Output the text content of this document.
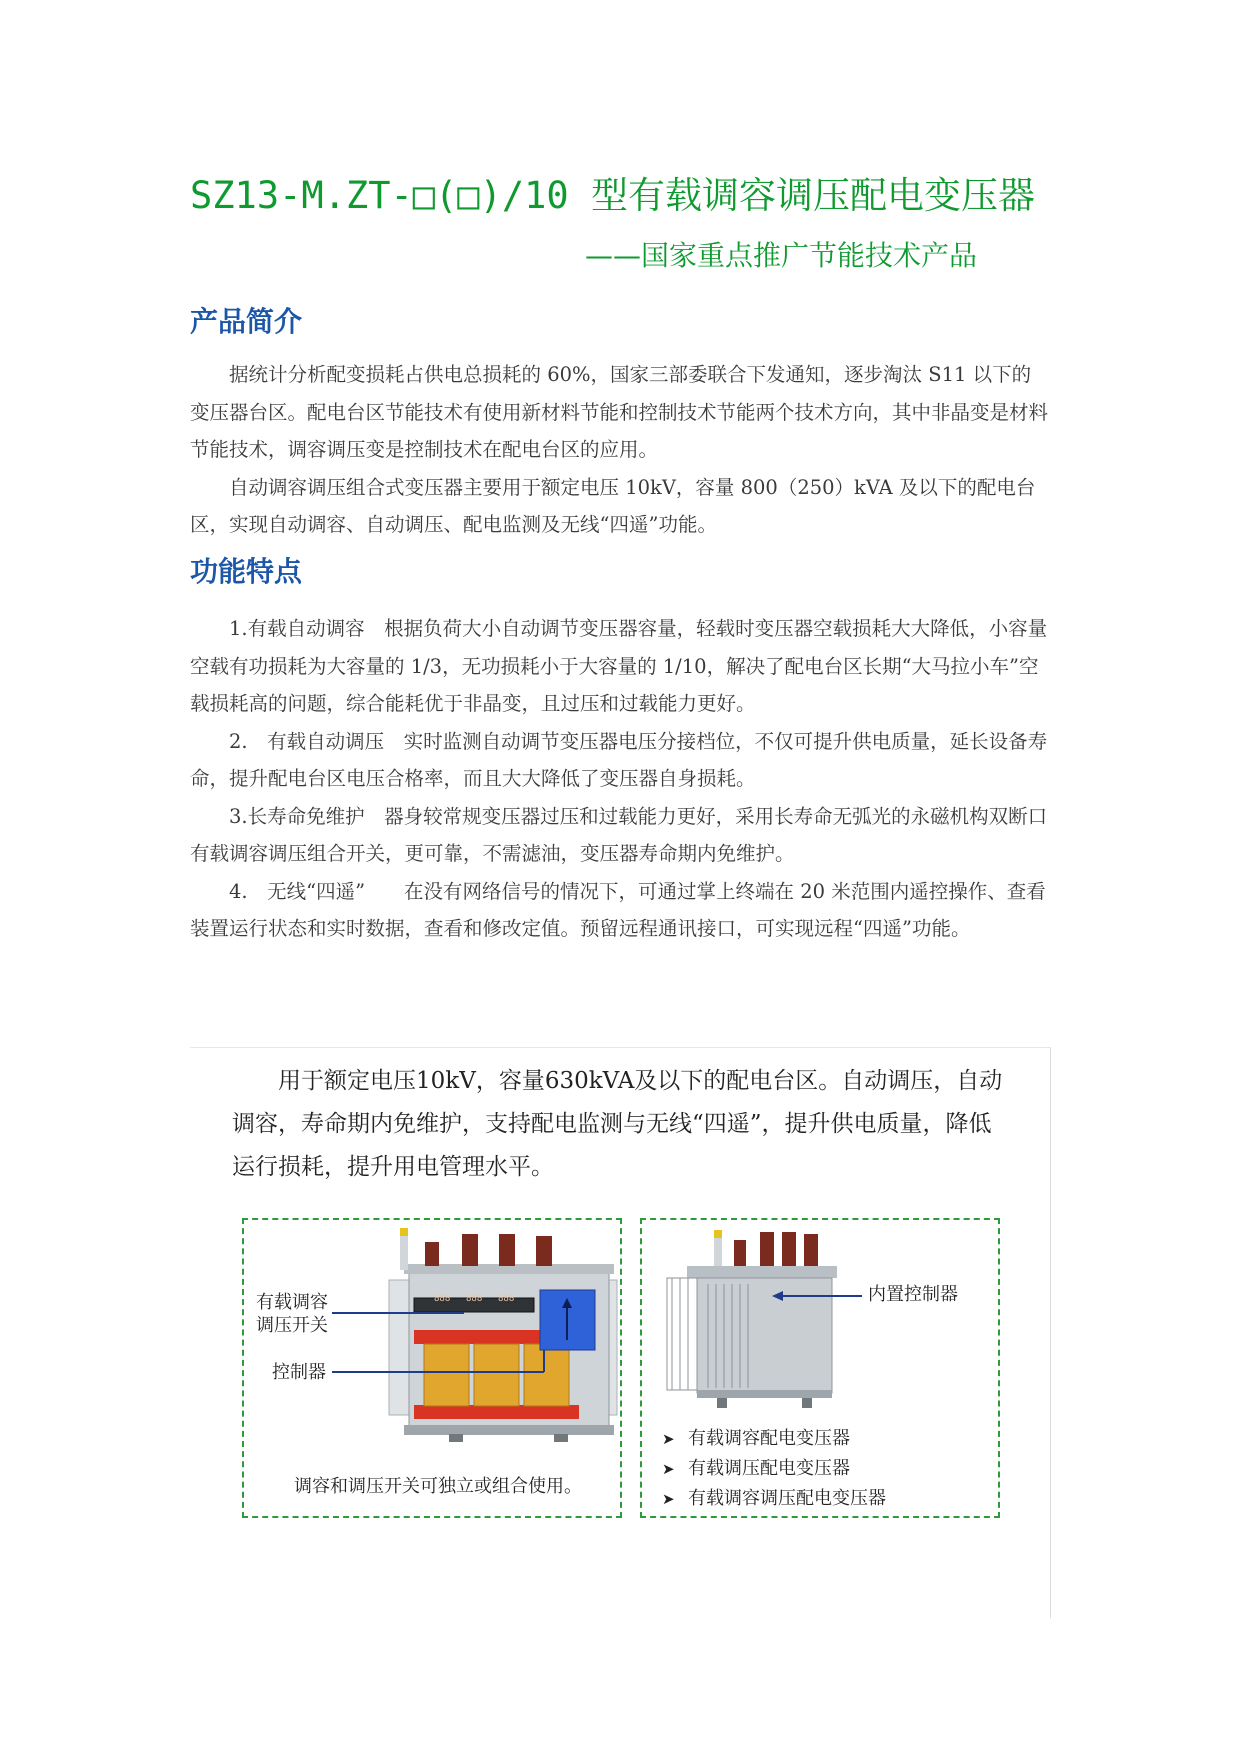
SZ13-M.ZT-□(□)/10 型有载调容调压配电变压器
——国家重点推广节能技术产品
产品简介

据统计分析配变损耗占供电总损耗的 60%，国家三部委联合下发通知，逐步淘汰 S11 以下的变压器台区。配电台区节能技术有使用新材料节能和控制技术节能两个技术方向，其中非晶变是材料节能技术，调容调压变是控制技术在配电台区的应用。

自动调容调压组合式变压器主要用于额定电压 10kV，容量 800（250）kVA 及以下的配电台区，实现自动调容、自动调压、配电监测及无线“四遥”功能。

功能特点

1.有载自动调容　根据负荷大小自动调节变压器容量，轻载时变压器空载损耗大大降低，小容量空载有功损耗为大容量的 1/3，无功损耗小于大容量的 1/10，解决了配电台区长期“大马拉小车”空载损耗高的问题，综合能耗优于非晶变，且过压和过载能力更好。

2.　有载自动调压　实时监测自动调节变压器电压分接档位，不仅可提升供电质量，延长设备寿命，提升配电台区电压合格率，而且大大降低了变压器自身损耗。

3.长寿命免维护　器身较常规变压器过压和过载能力更好，采用长寿命无弧光的永磁机构双断口有载调容调压组合开关，更可靠，不需滤油，变压器寿命期内免维护。

4.　无线“四遥”　　在没有网络信号的情况下，可通过掌上终端在 20 米范围内遥控操作、查看装置运行状态和实时数据，查看和修改定值。预留远程通讯接口，可实现远程“四遥”功能。

用于额定电压10kV，容量630kVA及以下的配电台区。自动调压，自动调容，寿命期内免维护，支持配电监测与无线“四遥”，提升供电质量，降低运行损耗，提升用电管理水平。
888 888 888
有载调容
调压开关
控制器
调容和调压开关可独立或组合使用。
内置控制器
➤ 有载调容配电变压器
➤ 有载调压配电变压器
➤ 有载调容调压配电变压器
